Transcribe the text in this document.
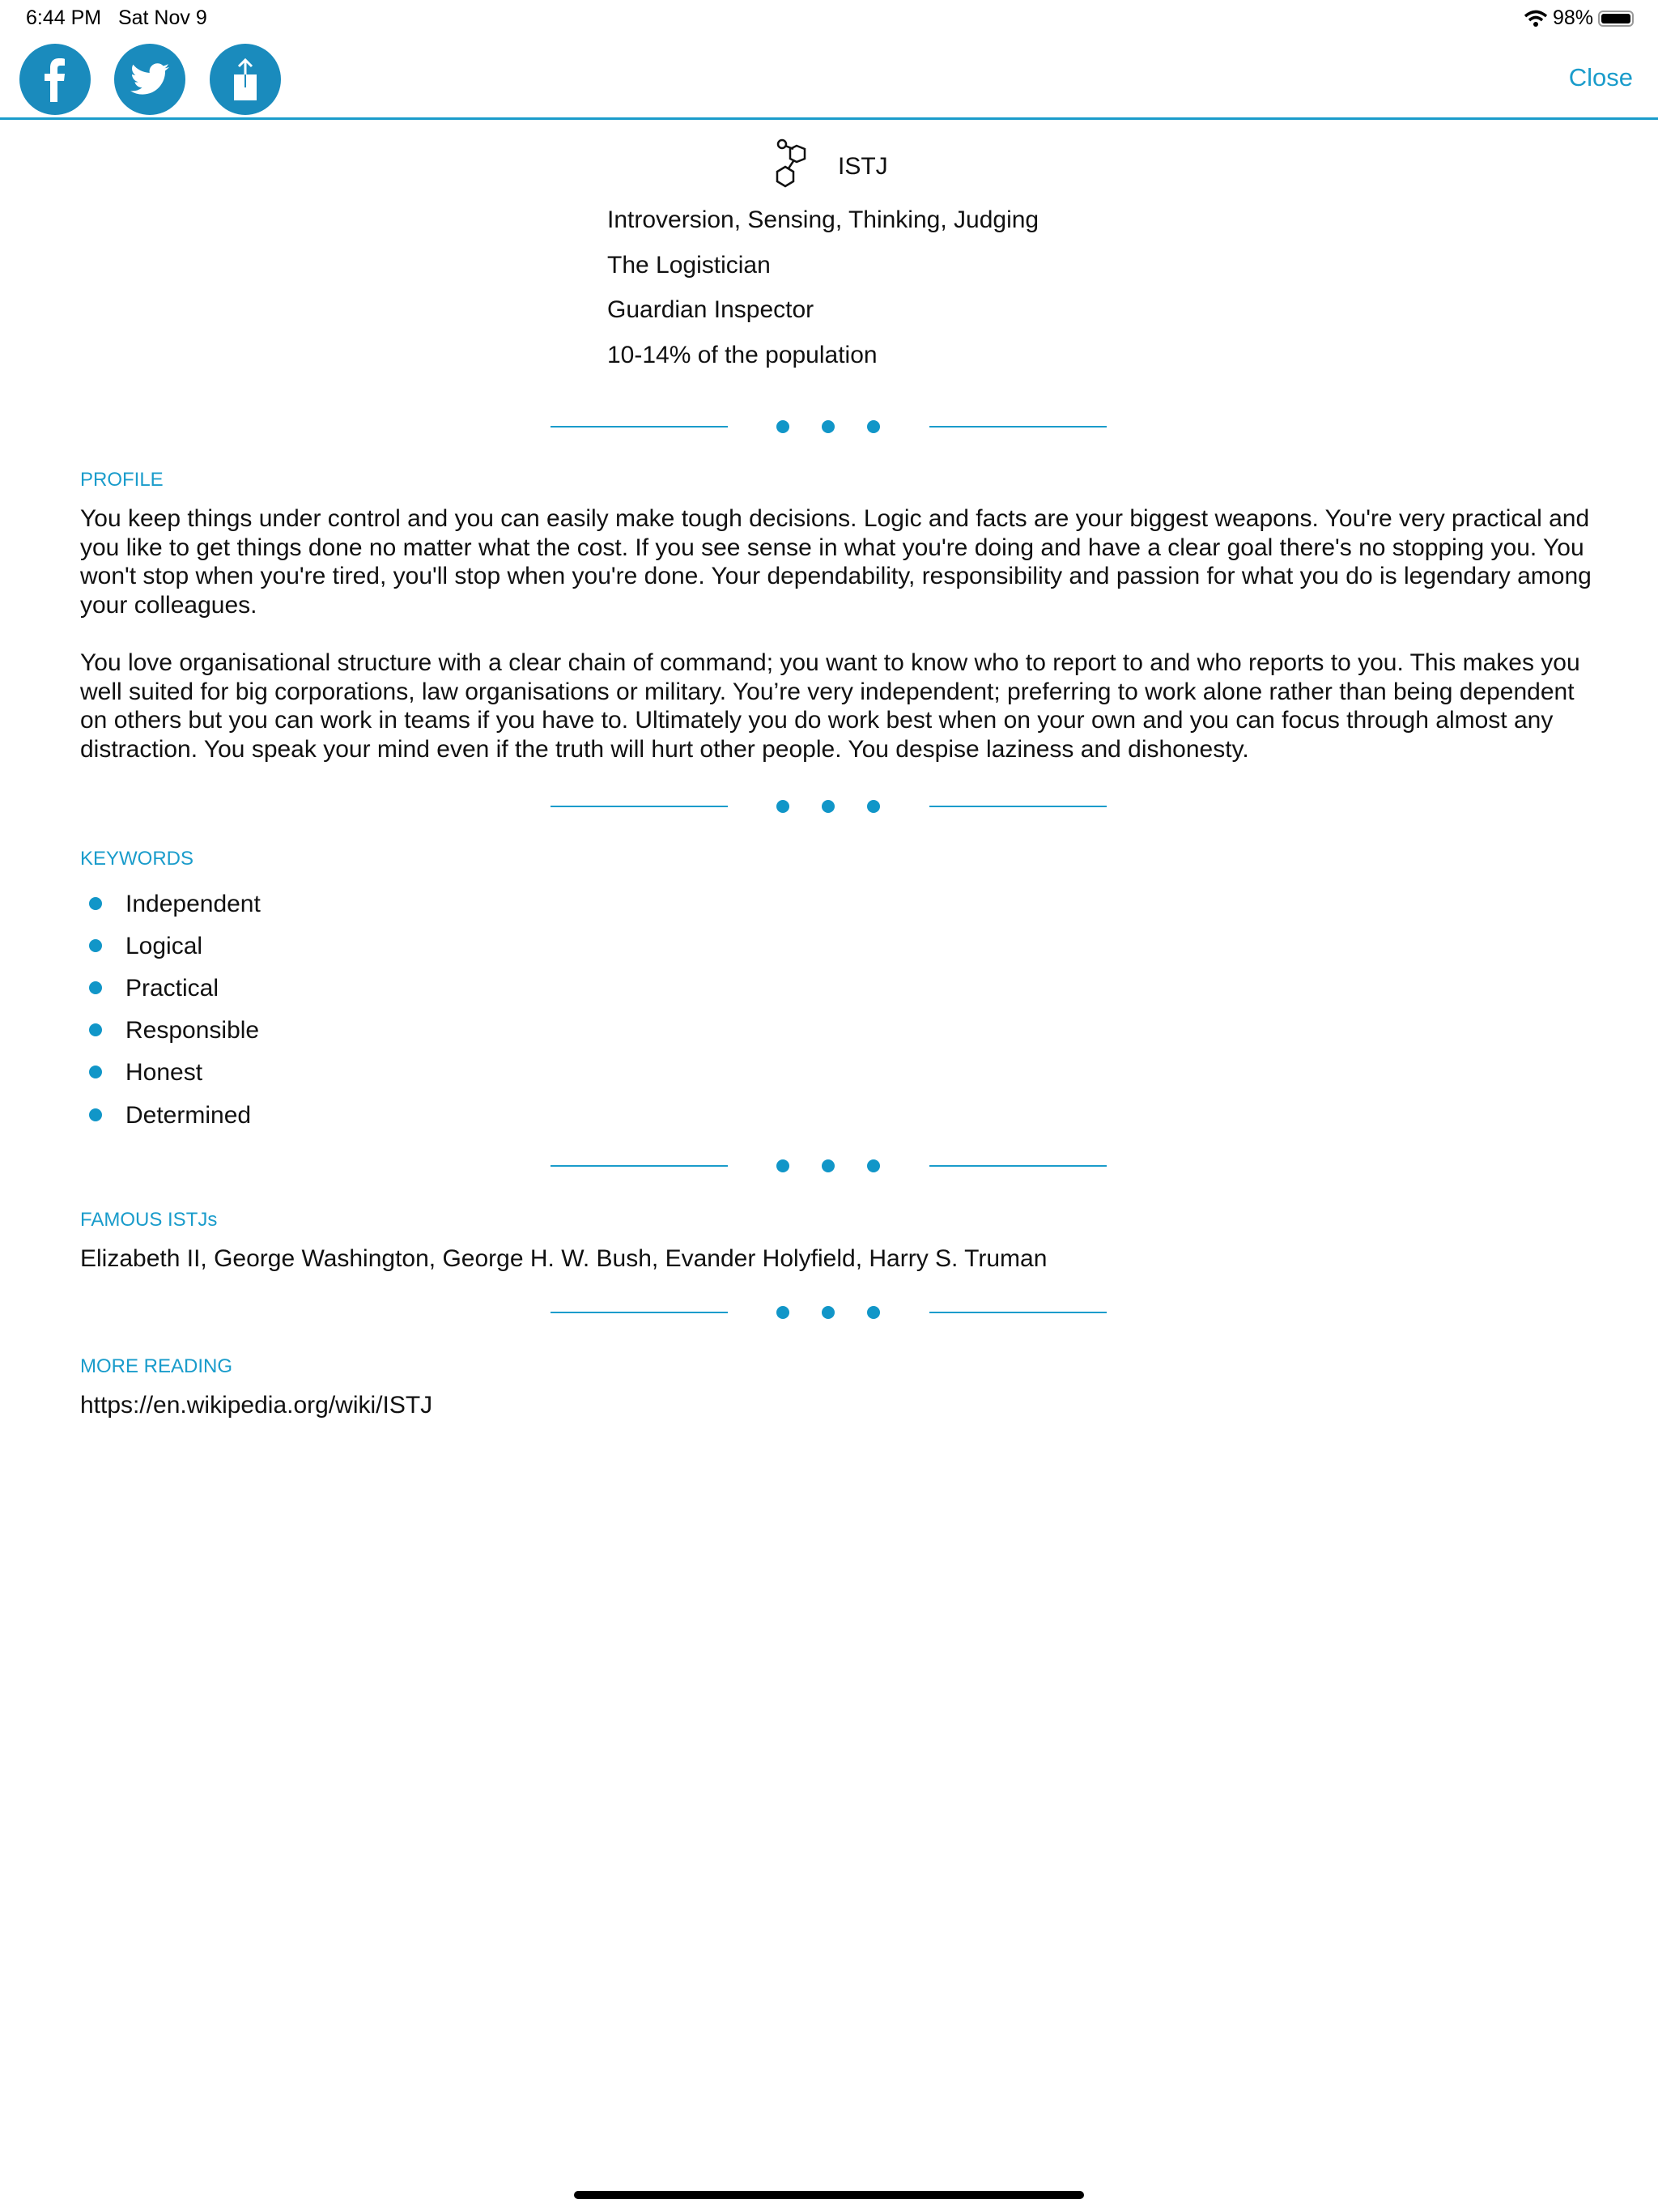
6:44 PM Sat Nov 9	98%
Close
ISTJ
Introversion, Sensing, Thinking, Judging
The Logistician
Guardian Inspector
10-14% of the population
PROFILE
You keep things under control and you can easily make tough decisions. Logic and facts are your biggest weapons. You're very practical and you like to get things done no matter what the cost. If you see sense in what you're doing and have a clear goal there's no stopping you. You won't stop when you're tired, you'll stop when you're done. Your dependability, responsibility and passion for what you do is legendary among your colleagues.
You love organisational structure with a clear chain of command; you want to know who to report to and who reports to you. This makes you well suited for big corporations, law organisations or military. You’re very independent; preferring to work alone rather than being dependent on others but you can work in teams if you have to. Ultimately you do work best when on your own and you can focus through almost any distraction. You speak your mind even if the truth will hurt other people. You despise laziness and dishonesty.
KEYWORDS
Independent
Logical
Practical
Responsible
Honest
Determined
FAMOUS ISTJs
Elizabeth II, George Washington, George H. W. Bush, Evander Holyfield, Harry S. Truman
MORE READING
https://en.wikipedia.org/wiki/ISTJ
